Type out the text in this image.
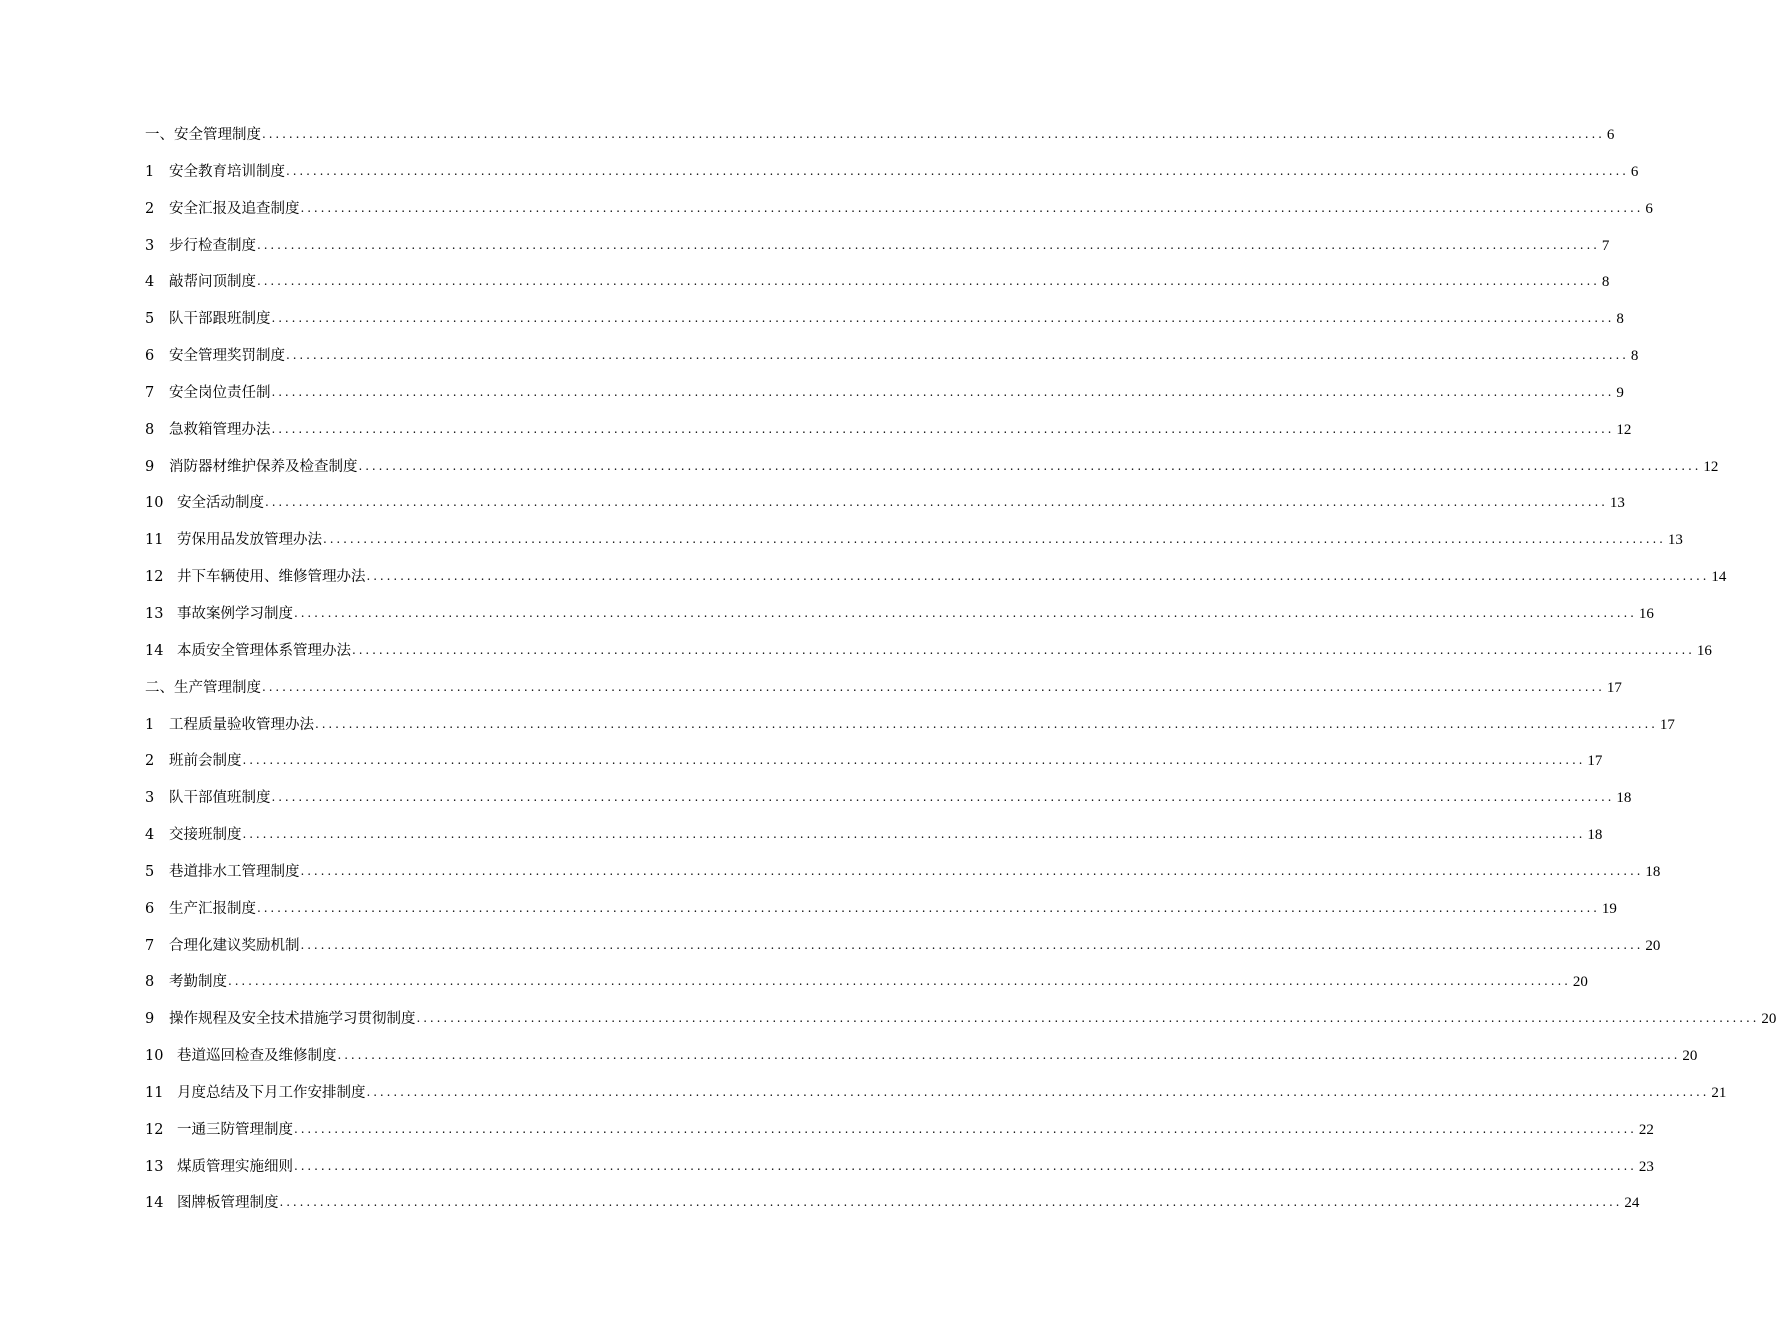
一、安全管理制度 ........................................................................................................................................................................................................ 6
1	安全教育培训制度 ........................................................................................................................................................................................................ 6
2	安全汇报及追查制度 ........................................................................................................................................................................................................ 6
3	步行检查制度 ........................................................................................................................................................................................................ 7
4	敲帮问顶制度 ........................................................................................................................................................................................................ 8
5	队干部跟班制度 ........................................................................................................................................................................................................ 8
6	安全管理奖罚制度 ........................................................................................................................................................................................................ 8
7	安全岗位责任制 ........................................................................................................................................................................................................ 9
8	急救箱管理办法 ........................................................................................................................................................................................................ 12
9	消防器材维护保养及检查制度 ........................................................................................................................................................................................................ 12
10 安全活动制度 ........................................................................................................................................................................................................ 13
11 劳保用品发放管理办法 ........................................................................................................................................................................................................ 13
12 井下车辆使用、维修管理办法 ........................................................................................................................................................................................................ 14
13 事故案例学习制度 ........................................................................................................................................................................................................ 16
14 本质安全管理体系管理办法 ........................................................................................................................................................................................................ 16
二、生产管理制度 ........................................................................................................................................................................................................ 17
1	工程质量验收管理办法 ........................................................................................................................................................................................................ 17
2	班前会制度 ........................................................................................................................................................................................................ 17
3	队干部值班制度 ........................................................................................................................................................................................................ 18
4	交接班制度 ........................................................................................................................................................................................................ 18
5	巷道排水工管理制度 ........................................................................................................................................................................................................ 18
6	生产汇报制度 ........................................................................................................................................................................................................ 19
7	合理化建议奖励机制 ........................................................................................................................................................................................................ 20
8	考勤制度 ........................................................................................................................................................................................................ 20
9	操作规程及安全技术措施学习贯彻制度 ........................................................................................................................................................................................................ 20
10 巷道巡回检查及维修制度 ........................................................................................................................................................................................................ 20
11 月度总结及下月工作安排制度 ........................................................................................................................................................................................................ 21
12 一通三防管理制度 ........................................................................................................................................................................................................ 22
13 煤质管理实施细则 ........................................................................................................................................................................................................ 23
14 图牌板管理制度 ........................................................................................................................................................................................................ 24
